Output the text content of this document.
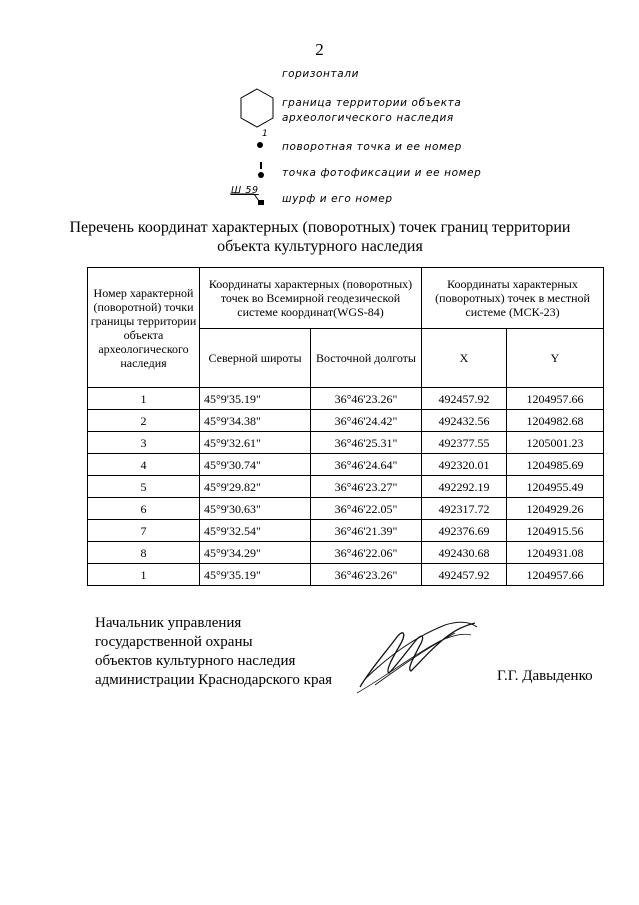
2
горизонтали
граница территории объекта
археологического наследия
1
поворотная точка и ее номер
точка фотофиксации и ее номер
Ш 59
шурф и его номер
Перечень координат характерных (поворотных) точек границ территории
объекта культурного наследия
Номер характерной (поворотной) точки границы территории объекта археологического наследия	Координаты характерных (поворотных) точек во Всемирной геодезической системе координат(WGS-84)		Координаты характерных (поворотных) точек в местной системе (МСК-23)	
	Северной широты	Восточной долготы	X	Y
1	45°9'35.19"	36°46'23.26"	492457.92	1204957.66
2	45°9'34.38"	36°46'24.42"	492432.56	1204982.68
3	45°9'32.61"	36°46'25.31"	492377.55	1205001.23
4	45°9'30.74"	36°46'24.64"	492320.01	1204985.69
5	45°9'29.82"	36°46'23.27"	492292.19	1204955.49
6	45°9'30.63"	36°46'22.05"	492317.72	1204929.26
7	45°9'32.54"	36°46'21.39"	492376.69	1204915.56
8	45°9'34.29"	36°46'22.06"	492430.68	1204931.08
1	45°9'35.19"	36°46'23.26"	492457.92	1204957.66
Начальник управления
государственной охраны
объектов культурного наследия
администрации Краснодарского края	Г.Г. Давыденко
